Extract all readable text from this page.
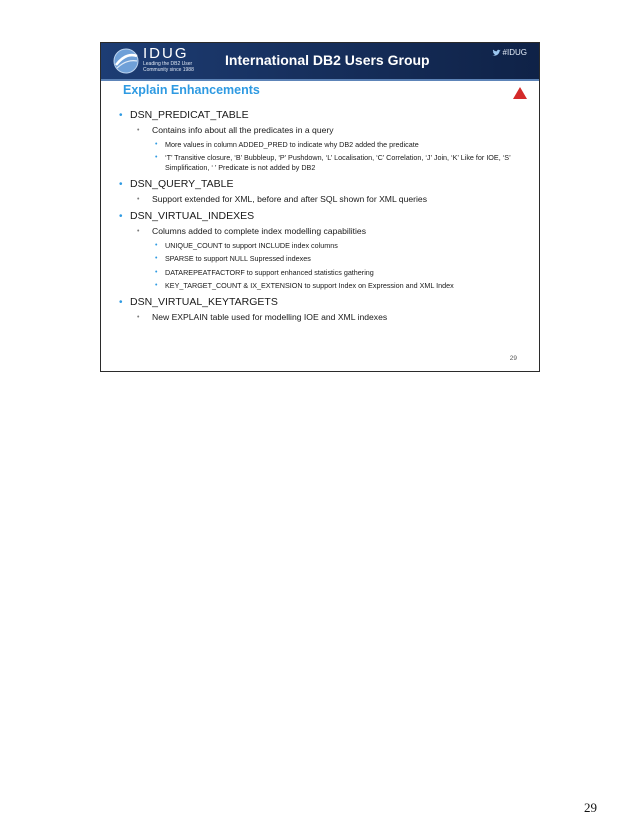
IDUG
Leading the DB2 User Community since 1988
International DB2 Users Group	#IDUG
Explain Enhancements
• DSN_PREDICAT_TABLE
•	Contains info about all the predicates in a query
•	More values in column ADDED_PRED to indicate why DB2 added the predicate
•	‘T’ Transitive closure, ‘B’ Bubbleup, ‘P’ Pushdown, ‘L’ Localisation, ‘C’ Correlation, ‘J’ Join, ‘K’ Like for IOE, ‘S’ Simplification, ‘ ’ Predicate is not added by DB2
• DSN_QUERY_TABLE
•	Support extended for XML, before and after SQL shown for XML queries
• DSN_VIRTUAL_INDEXES
•	Columns added to complete index modelling capabilities
•	UNIQUE_COUNT to support INCLUDE index columns
•	SPARSE to support NULL Supressed indexes
•	DATAREPEATFACTORF to support enhanced statistics gathering
•	KEY_TARGET_COUNT & IX_EXTENSION to support Index on Expression and XML Index
• DSN_VIRTUAL_KEYTARGETS
•	New EXPLAIN table used for modelling IOE and XML indexes
29
29
